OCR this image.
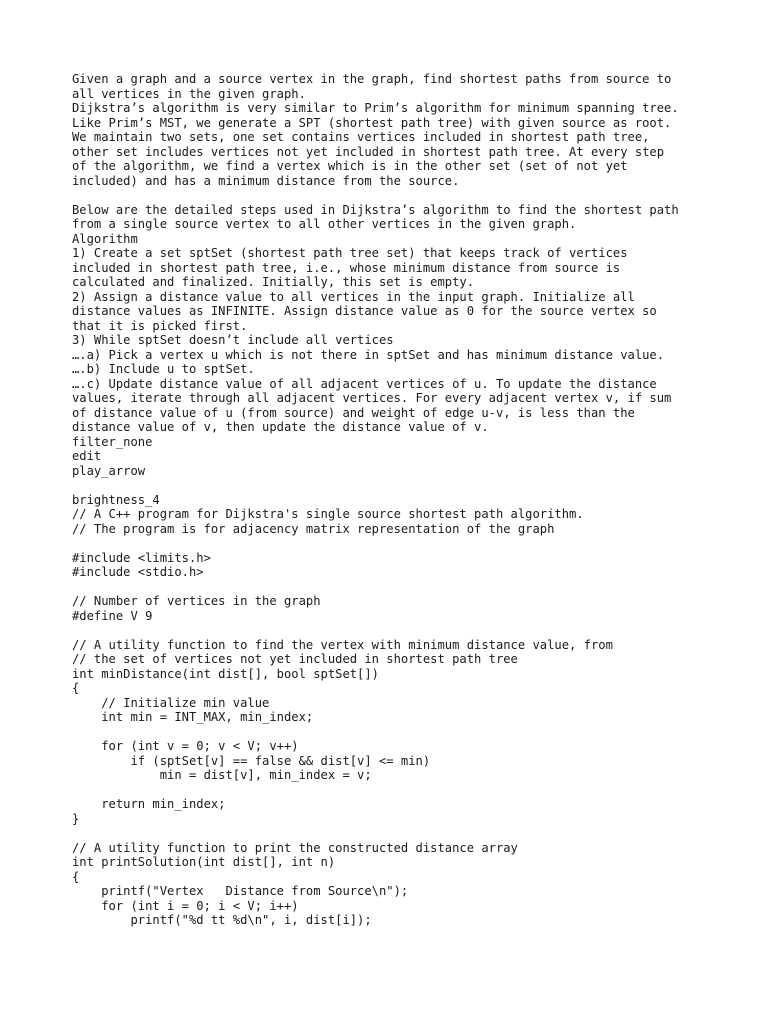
Given a graph and a source vertex in the graph, find shortest paths from source to
all vertices in the given graph.
Dijkstra’s algorithm is very similar to Prim’s algorithm for minimum spanning tree.
Like Prim’s MST, we generate a SPT (shortest path tree) with given source as root.
We maintain two sets, one set contains vertices included in shortest path tree,
other set includes vertices not yet included in shortest path tree. At every step
of the algorithm, we find a vertex which is in the other set (set of not yet
included) and has a minimum distance from the source.
Below are the detailed steps used in Dijkstra’s algorithm to find the shortest path
from a single source vertex to all other vertices in the given graph.
Algorithm
1) Create a set sptSet (shortest path tree set) that keeps track of vertices
included in shortest path tree, i.e., whose minimum distance from source is
calculated and finalized. Initially, this set is empty.
2) Assign a distance value to all vertices in the input graph. Initialize all
distance values as INFINITE. Assign distance value as 0 for the source vertex so
that it is picked first.
3) While sptSet doesn’t include all vertices
….a) Pick a vertex u which is not there in sptSet and has minimum distance value.
….b) Include u to sptSet.
….c) Update distance value of all adjacent vertices of u. To update the distance
values, iterate through all adjacent vertices. For every adjacent vertex v, if sum
of distance value of u (from source) and weight of edge u-v, is less than the
distance value of v, then update the distance value of v.
filter_none
edit
play_arrow
brightness_4
// A C++ program for Dijkstra's single source shortest path algorithm.
// The program is for adjacency matrix representation of the graph
#include <limits.h>
#include <stdio.h>
// Number of vertices in the graph
#define V 9
// A utility function to find the vertex with minimum distance value, from
// the set of vertices not yet included in shortest path tree
int minDistance(int dist[], bool sptSet[])
{
// Initialize min value
int min = INT_MAX, min_index;
for (int v = 0; v < V; v++)
if (sptSet[v] == false && dist[v] <= min)
min = dist[v], min_index = v;
return min_index;
}
// A utility function to print the constructed distance array
int printSolution(int dist[], int n)
{
printf("Vertex   Distance from Source\n");
for (int i = 0; i < V; i++)
printf("%d tt %d\n", i, dist[i]);
